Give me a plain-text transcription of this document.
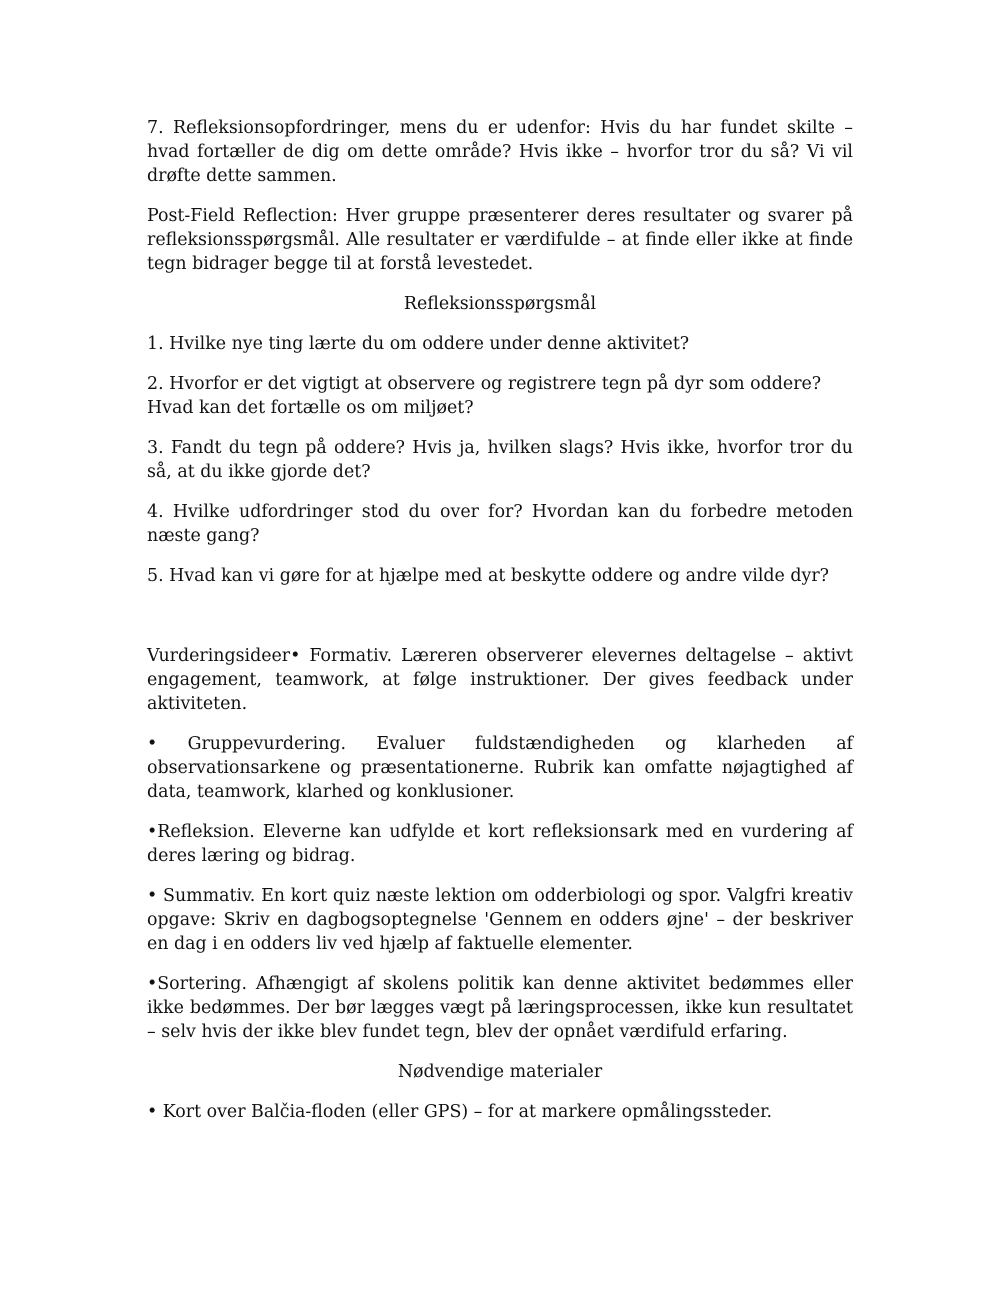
7. Refleksionsopfordringer, mens du er udenfor: Hvis du har fundet skilte – hvad fortæller de dig om dette område? Hvis ikke – hvorfor tror du så? Vi vil drøfte dette sammen.

Post-Field Reflection: Hver gruppe præsenterer deres resultater og svarer på refleksionsspørgsmål. Alle resultater er værdifulde – at finde eller ikke at finde tegn bidrager begge til at forstå levestedet.

Refleksionsspørgsmål

1. Hvilke nye ting lærte du om oddere under denne aktivitet?

2. Hvorfor er det vigtigt at observere og registrere tegn på dyr som oddere? Hvad kan det fortælle os om miljøet?

3. Fandt du tegn på oddere? Hvis ja, hvilken slags? Hvis ikke, hvorfor tror du så, at du ikke gjorde det?

4. Hvilke udfordringer stod du over for? Hvordan kan du forbedre metoden næste gang?

5. Hvad kan vi gøre for at hjælpe med at beskytte oddere og andre vilde dyr?

Vurderingsideer• Formativ. Læreren observerer elevernes deltagelse – aktivt engagement, teamwork, at følge instruktioner. Der gives feedback under aktiviteten.

• Gruppevurdering. Evaluer fuldstændigheden og klarheden af observationsarkene og præsentationerne. Rubrik kan omfatte nøjagtighed af data, teamwork, klarhed og konklusioner.

•Refleksion. Eleverne kan udfylde et kort refleksionsark med en vurdering af deres læring og bidrag.

• Summativ. En kort quiz næste lektion om odderbiologi og spor. Valgfri kreativ opgave: Skriv en dagbogsoptegnelse 'Gennem en odders øjne' – der beskriver en dag i en odders liv ved hjælp af faktuelle elementer.

•Sortering. Afhængigt af skolens politik kan denne aktivitet bedømmes eller ikke bedømmes. Der bør lægges vægt på læringsprocessen, ikke kun resultatet – selv hvis der ikke blev fundet tegn, blev der opnået værdifuld erfaring.

Nødvendige materialer

• Kort over Balčia-floden (eller GPS) – for at markere opmålingssteder.
